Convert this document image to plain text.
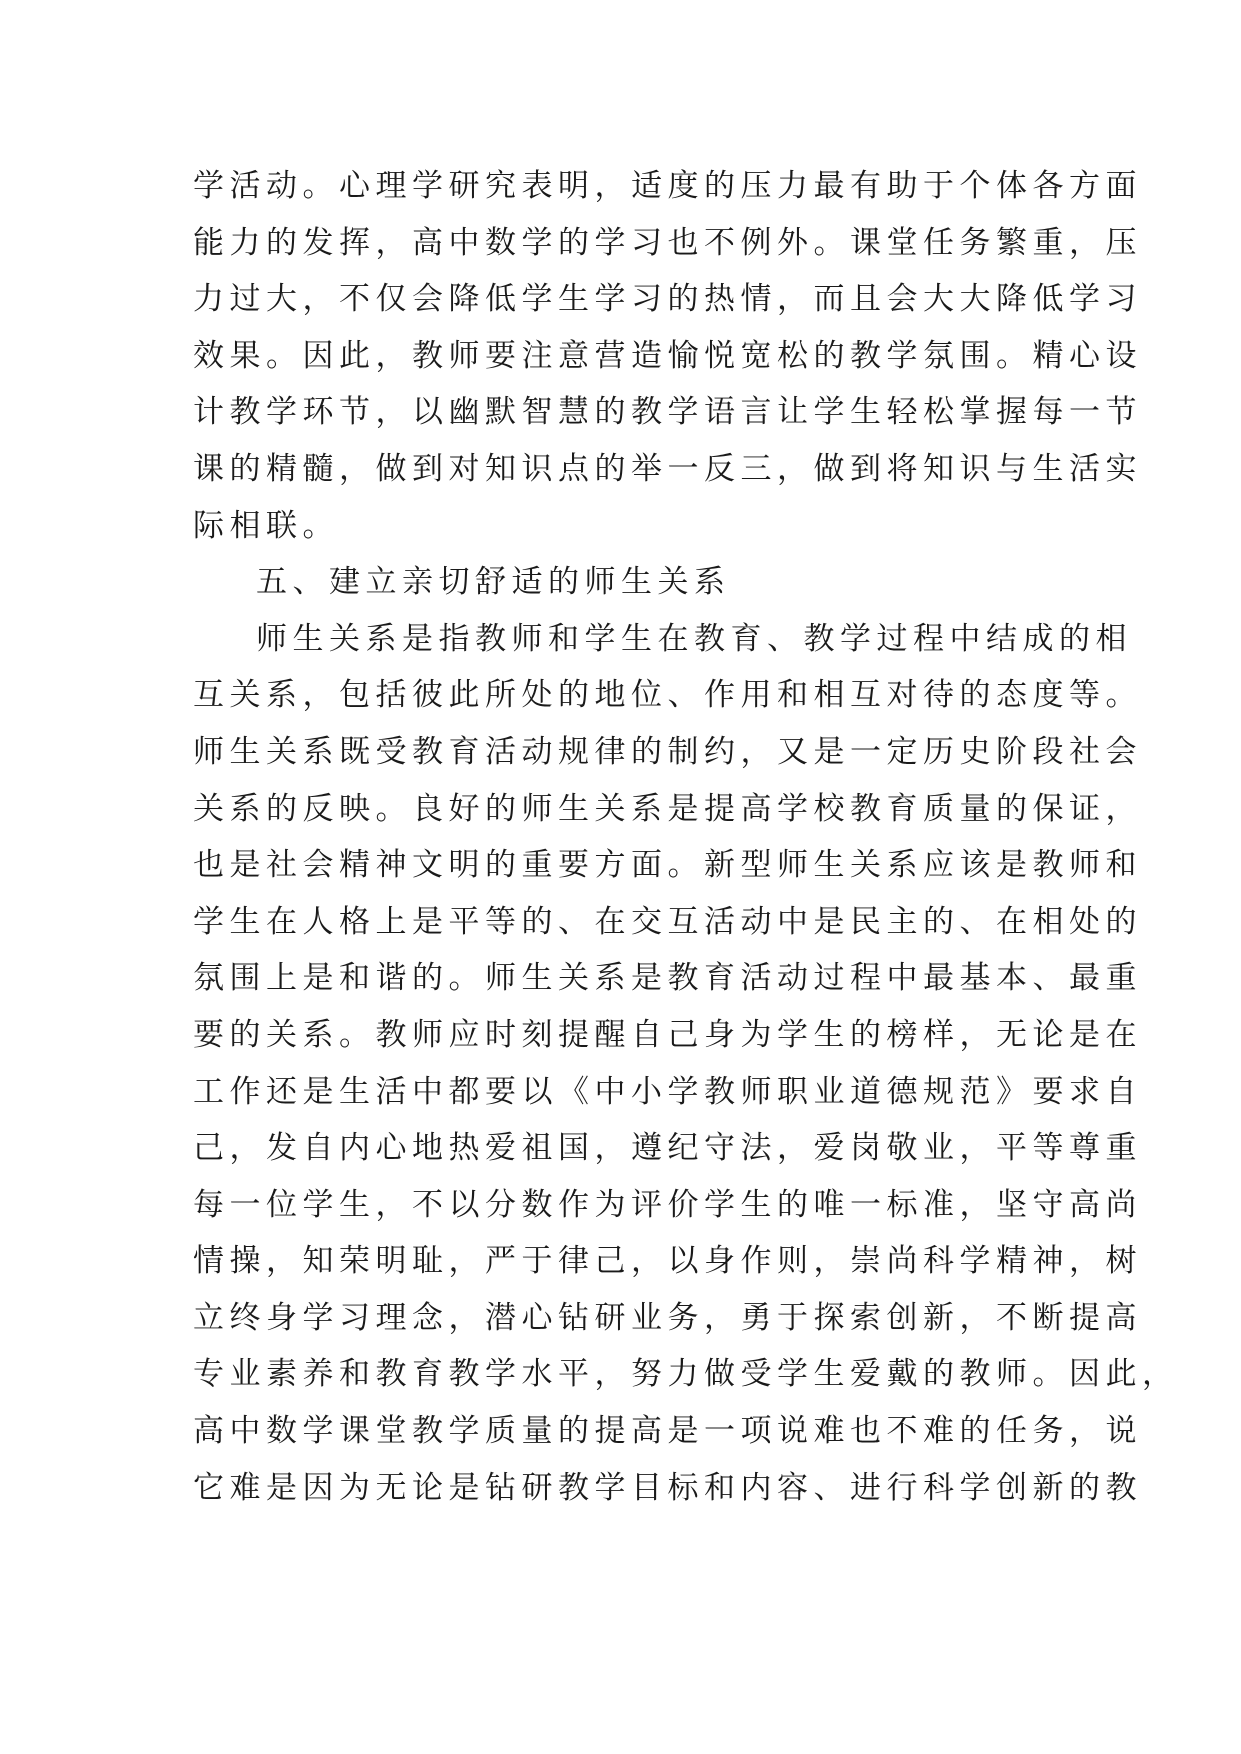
学活动。心理学研究表明，适度的压力最有助于个体各方面
能力的发挥，高中数学的学习也不例外。课堂任务繁重，压
力过大，不仅会降低学生学习的热情，而且会大大降低学习
效果。因此，教师要注意营造愉悦宽松的教学氛围。精心设
计教学环节，以幽默智慧的教学语言让学生轻松掌握每一节
课的精髓，做到对知识点的举一反三，做到将知识与生活实
际相联。
五、建立亲切舒适的师生关系
师生关系是指教师和学生在教育、教学过程中结成的相
互关系，包括彼此所处的地位、作用和相互对待的态度等。
师生关系既受教育活动规律的制约，又是一定历史阶段社会
关系的反映。良好的师生关系是提高学校教育质量的保证，
也是社会精神文明的重要方面。新型师生关系应该是教师和
学生在人格上是平等的、在交互活动中是民主的、在相处的
氛围上是和谐的。师生关系是教育活动过程中最基本、最重
要的关系。教师应时刻提醒自己身为学生的榜样，无论是在
工作还是生活中都要以《中小学教师职业道德规范》要求自
己，发自内心地热爱祖国，遵纪守法，爱岗敬业，平等尊重
每一位学生，不以分数作为评价学生的唯一标准，坚守高尚
情操，知荣明耻，严于律己，以身作则，崇尚科学精神，树
立终身学习理念，潜心钻研业务，勇于探索创新，不断提高
专业素养和教育教学水平，努力做受学生爱戴的教师。因此，
高中数学课堂教学质量的提高是一项说难也不难的任务，说
它难是因为无论是钻研教学目标和内容、进行科学创新的教
